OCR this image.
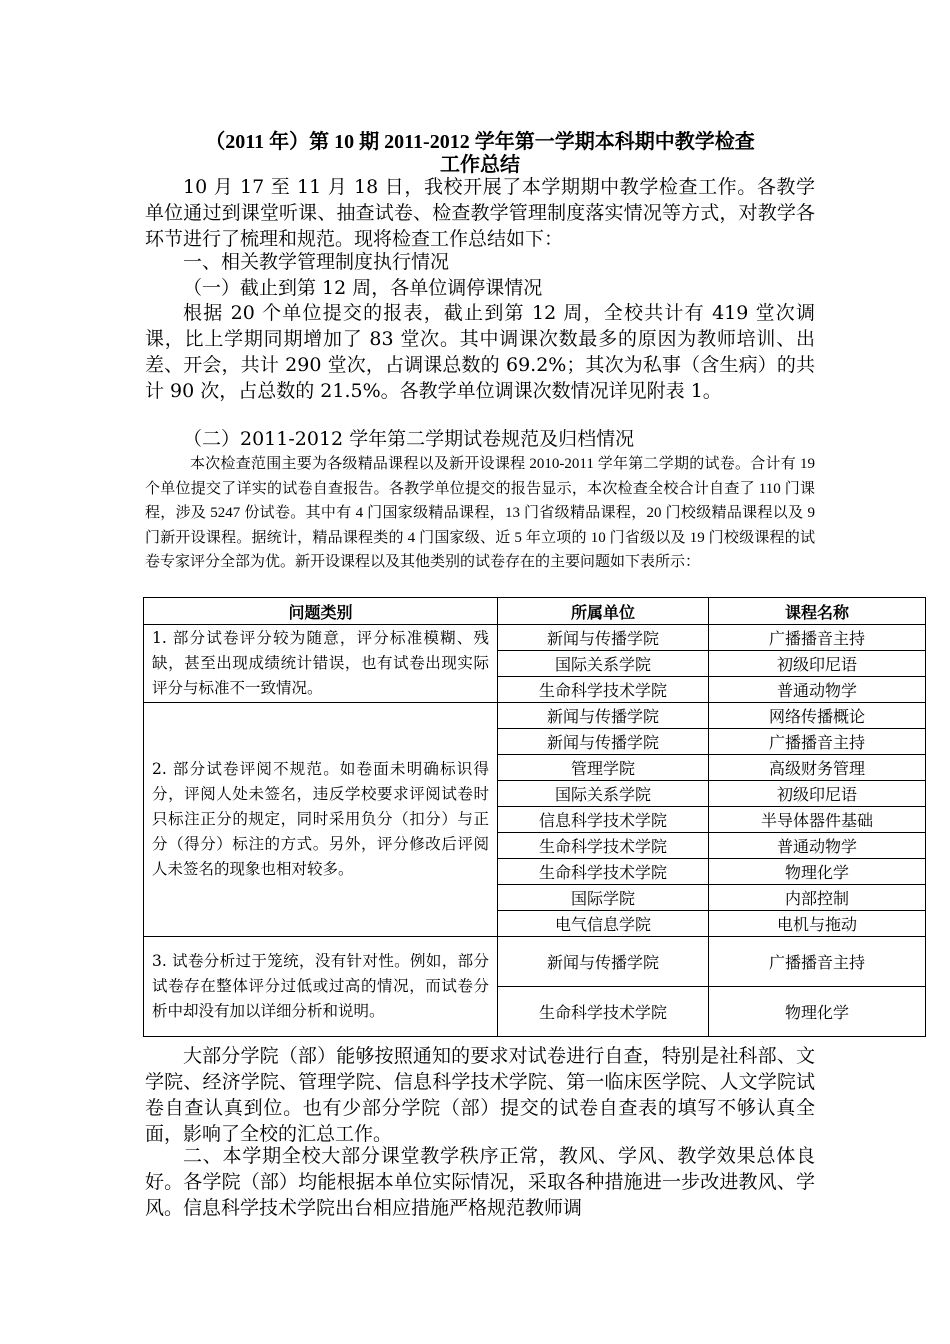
（2011 年）第 10 期 2011-2012 学年第一学期本科期中教学检查
工作总结
10 月 17 至 11 月 18 日，我校开展了本学期期中教学检查工作。各教学单位通过到课堂听课、抽查试卷、检查教学管理制度落实情况等方式，对教学各环节进行了梳理和规范。现将检查工作总结如下：
一、相关教学管理制度执行情况
（一）截止到第 12 周，各单位调停课情况
根据 20 个单位提交的报表，截止到第 12 周，全校共计有 419 堂次调课，比上学期同期增加了 83 堂次。其中调课次数最多的原因为教师培训、出差、开会，共计 290 堂次，占调课总数的 69.2%；其次为私事（含生病）的共计 90 次，占总数的 21.5%。各教学单位调课次数情况详见附表 1。
（二）2011-2012 学年第二学期试卷规范及归档情况
本次检查范围主要为各级精品课程以及新开设课程 2010-2011 学年第二学期的试卷。合计有 19 个单位提交了详实的试卷自查报告。各教学单位提交的报告显示，本次检查全校合计自查了 110 门课程，涉及 5247 份试卷。其中有 4 门国家级精品课程，13 门省级精品课程，20 门校级精品课程以及 9 门新开设课程。据统计，精品课程类的 4 门国家级、近 5 年立项的 10 门省级以及 19 门校级课程的试卷专家评分全部为优。新开设课程以及其他类别的试卷存在的主要问题如下表所示：
问题类别	所属单位	课程名称
1. 部分试卷评分较为随意，评分标准模糊、残缺，甚至出现成绩统计错误，也有试卷出现实际评分与标准不一致情况。	新闻与传播学院	广播播音主持
	国际关系学院	初级印尼语
	生命科学技术学院	普通动物学
2. 部分试卷评阅不规范。如卷面未明确标识得分，评阅人处未签名，违反学校要求评阅试卷时只标注正分的规定，同时采用负分（扣分）与正分（得分）标注的方式。另外，评分修改后评阅人未签名的现象也相对较多。	新闻与传播学院	网络传播概论
	新闻与传播学院	广播播音主持
	管理学院	高级财务管理
	国际关系学院	初级印尼语
	信息科学技术学院	半导体器件基础
	生命科学技术学院	普通动物学
	生命科学技术学院	物理化学
	国际学院	内部控制
	电气信息学院	电机与拖动
3. 试卷分析过于笼统，没有针对性。例如，部分试卷存在整体评分过低或过高的情况，而试卷分析中却没有加以详细分析和说明。	新闻与传播学院	广播播音主持
	生命科学技术学院	物理化学
大部分学院（部）能够按照通知的要求对试卷进行自查，特别是社科部、文学院、经济学院、管理学院、信息科学技术学院、第一临床医学院、人文学院试卷自查认真到位。也有少部分学院（部）提交的试卷自查表的填写不够认真全面，影响了全校的汇总工作。
二、本学期全校大部分课堂教学秩序正常，教风、学风、教学效果总体良好。各学院（部）均能根据本单位实际情况，采取各种措施进一步改进教风、学风。信息科学技术学院出台相应措施严格规范教师调
